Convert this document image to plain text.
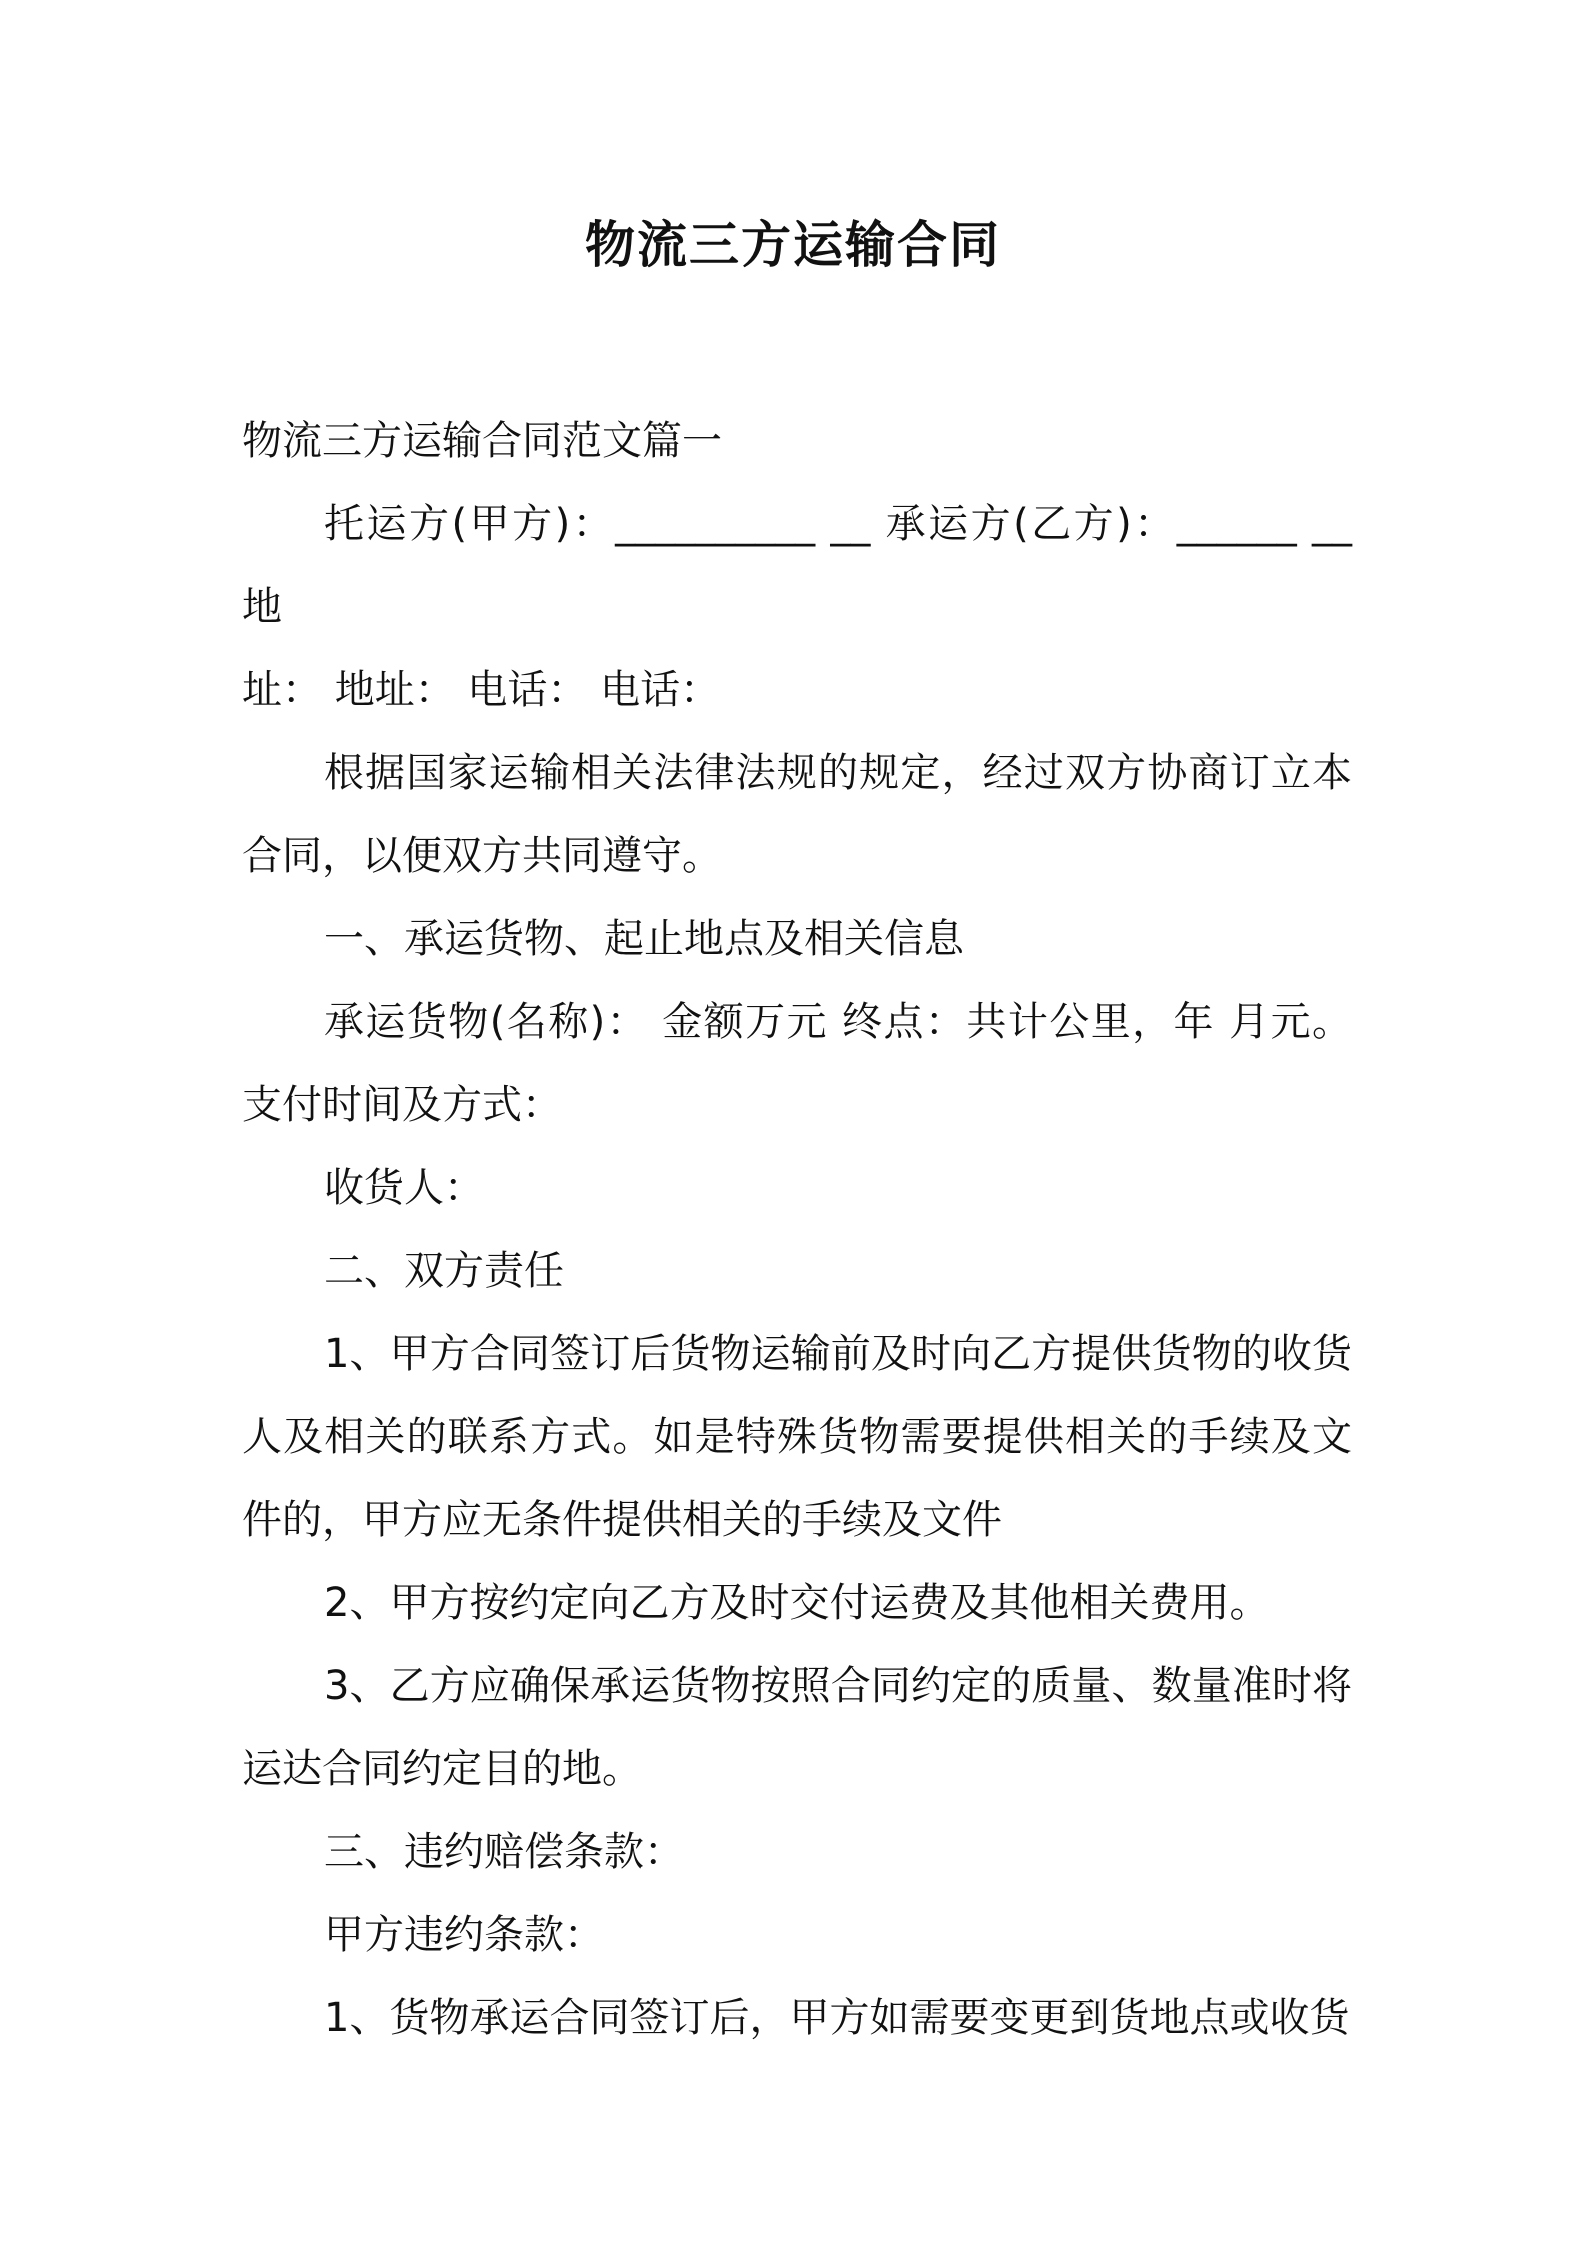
物流三方运输合同

物流三方运输合同范文篇一

托运方(甲方)：__________ __ 承运方(乙方)：______ __ 地

址： 地址： 电话： 电话：

根据国家运输相关法律法规的规定，经过双方协商订立本合同，以便双方共同遵守。

一、承运货物、起止地点及相关信息

承运货物(名称)： 金额万元 终点：共计公里，年 月元。 支付时间及方式：

收货人：

二、双方责任

1、甲方合同签订后货物运输前及时向乙方提供货物的收货人及相关的联系方式。如是特殊货物需要提供相关的手续及文件的，甲方应无条件提供相关的手续及文件

2、甲方按约定向乙方及时交付运费及其他相关费用。

3、乙方应确保承运货物按照合同约定的质量、数量准时将运达合同约定目的地。

三、违约赔偿条款：

甲方违约条款：

1、货物承运合同签订后，甲方如需要变更到货地点或收货
